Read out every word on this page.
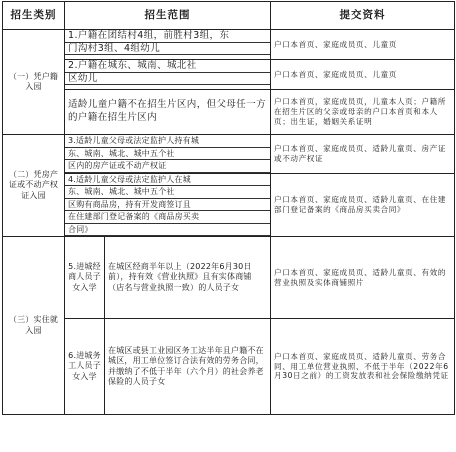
招生类别	招生范围		提交资料
（一）凭户籍入园	1.户籍在团结村4组，前胜村3组，东
门沟村3组、4组幼儿		户口本首页、家庭成员页、儿童页

	2.户籍在城东、城南、城北社
区幼儿		户口本首页、家庭成员页、儿童页
	适龄儿童户籍不在招生片区内，但父母任一方的户籍在招生片区内		户口本首页，家庭成员页，儿童本人页；户籍所在招生片区的父亲或母亲的户口本首页和本人页；出生证，婚姻关系证明
（二）凭房产证或不动产权证入园	3.适龄儿童父母或法定监护人持有城
东、城南、城北、城中五个社
区内的房产证或不动产权证		户口本首页、家庭成员页、适龄儿童页、房产证或不动产权证

	4.适龄儿童父母或法定监护人在城
东、城南、城北、城中五个社
区购有商品房，持有开发商签订且
在住建部门登记备案的《商品房买卖
合同》		户口本首页、家庭成员页、适龄儿童页、在住建部门登记备案的《商品房买卖合同》
（三）实住就入园	5.进城经商人员子女入学	在城区经商半年以上（2022年6月30日前），持有效《营业执照》且有实体商铺（店名与营业执照一致）的人员子女	户口本首页、家庭成员页、适龄儿童页、有效的营业执照及实体商铺照片
	6.进城务工人员子女入学	在城区或县工业园区务工达半年且户籍不在城区，用工单位签订合法有效的劳务合同，并缴纳了不低于半年（六个月）的社会养老保险的人员子女	户口本首页、家庭成员页、适龄儿童页、劳务合同、用工单位营业执照、不低于半年（2022年6月30日之前）的工资发放表和社会保险缴纳凭证
